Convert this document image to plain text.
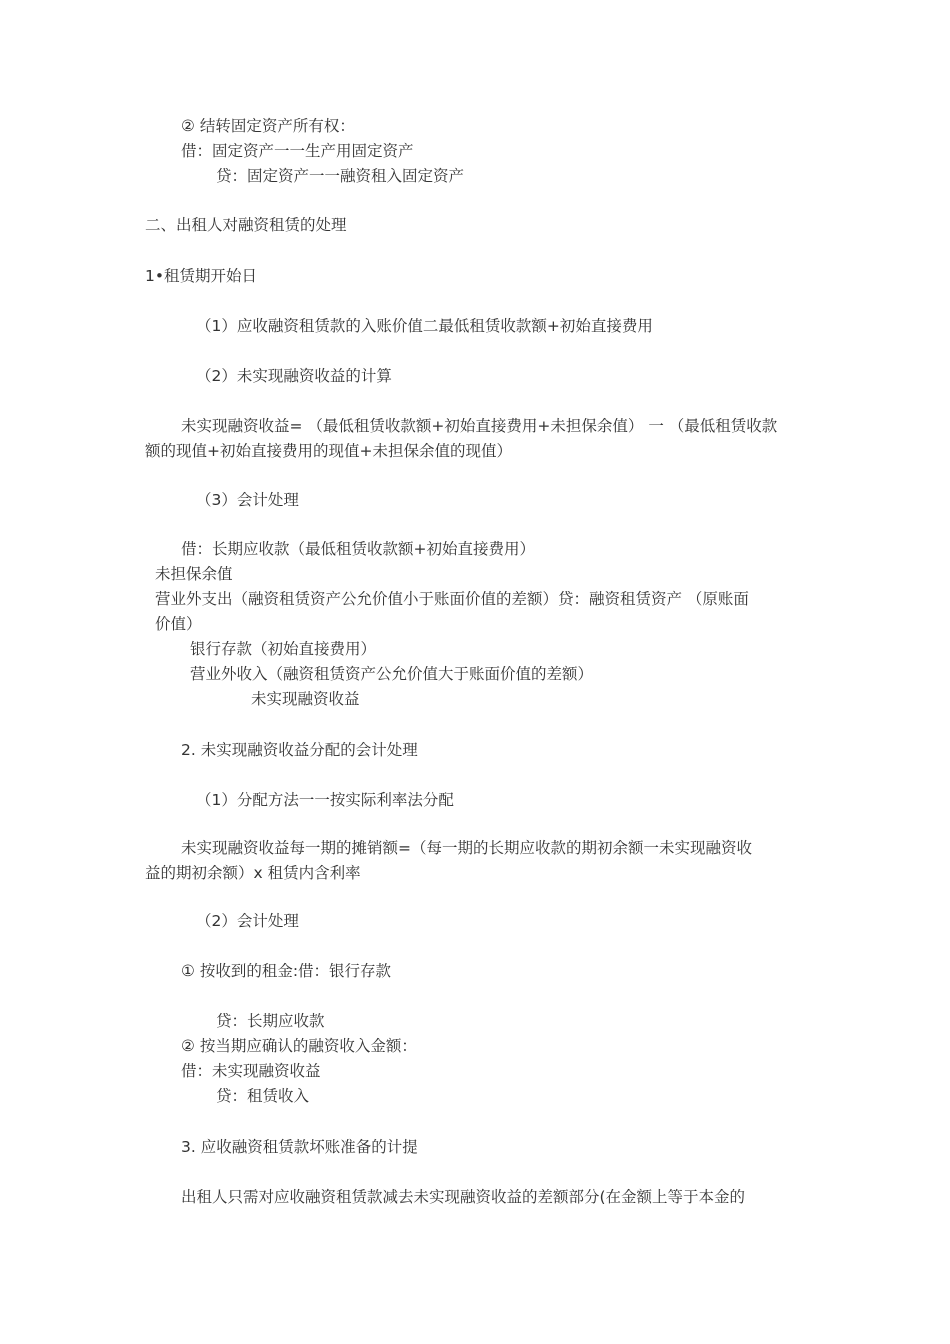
② 结转固定资产所有权：
借：固定资产一一生产用固定资产
贷：固定资产一一融资租入固定资产
二、出租人对融资租赁的处理
1•租赁期开始日
（1）应收融资租赁款的入账价值二最低租赁收款额+初始直接费用
（2）未实现融资收益的计算
未实现融资收益= （最低租赁收款额+初始直接费用+未担保余值） 一 （最低租赁收款
额的现值+初始直接费用的现值+未担保余值的现值）
（3）会计处理
借：长期应收款（最低租赁收款额+初始直接费用）
未担保余值
营业外支出（融资租赁资产公允价值小于账面价值的差额）贷：融资租赁资产 （原账面
价值）
银行存款（初始直接费用）
营业外收入（融资租赁资产公允价值大于账面价值的差额）
未实现融资收益
2. 未实现融资收益分配的会计处理
（1）分配方法一一按实际利率法分配
未实现融资收益每一期的摊销额=（每一期的长期应收款的期初余额一未实现融资收
益的期初余额）x 租赁内含利率
（2）会计处理
① 按收到的租金:借：银行存款
贷：长期应收款
② 按当期应确认的融资收入金额：
借：未实现融资收益
贷：租赁收入
3. 应收融资租赁款坏账准备的计提
出租人只需对应收融资租赁款减去未实现融资收益的差额部分(在金额上等于本金的
